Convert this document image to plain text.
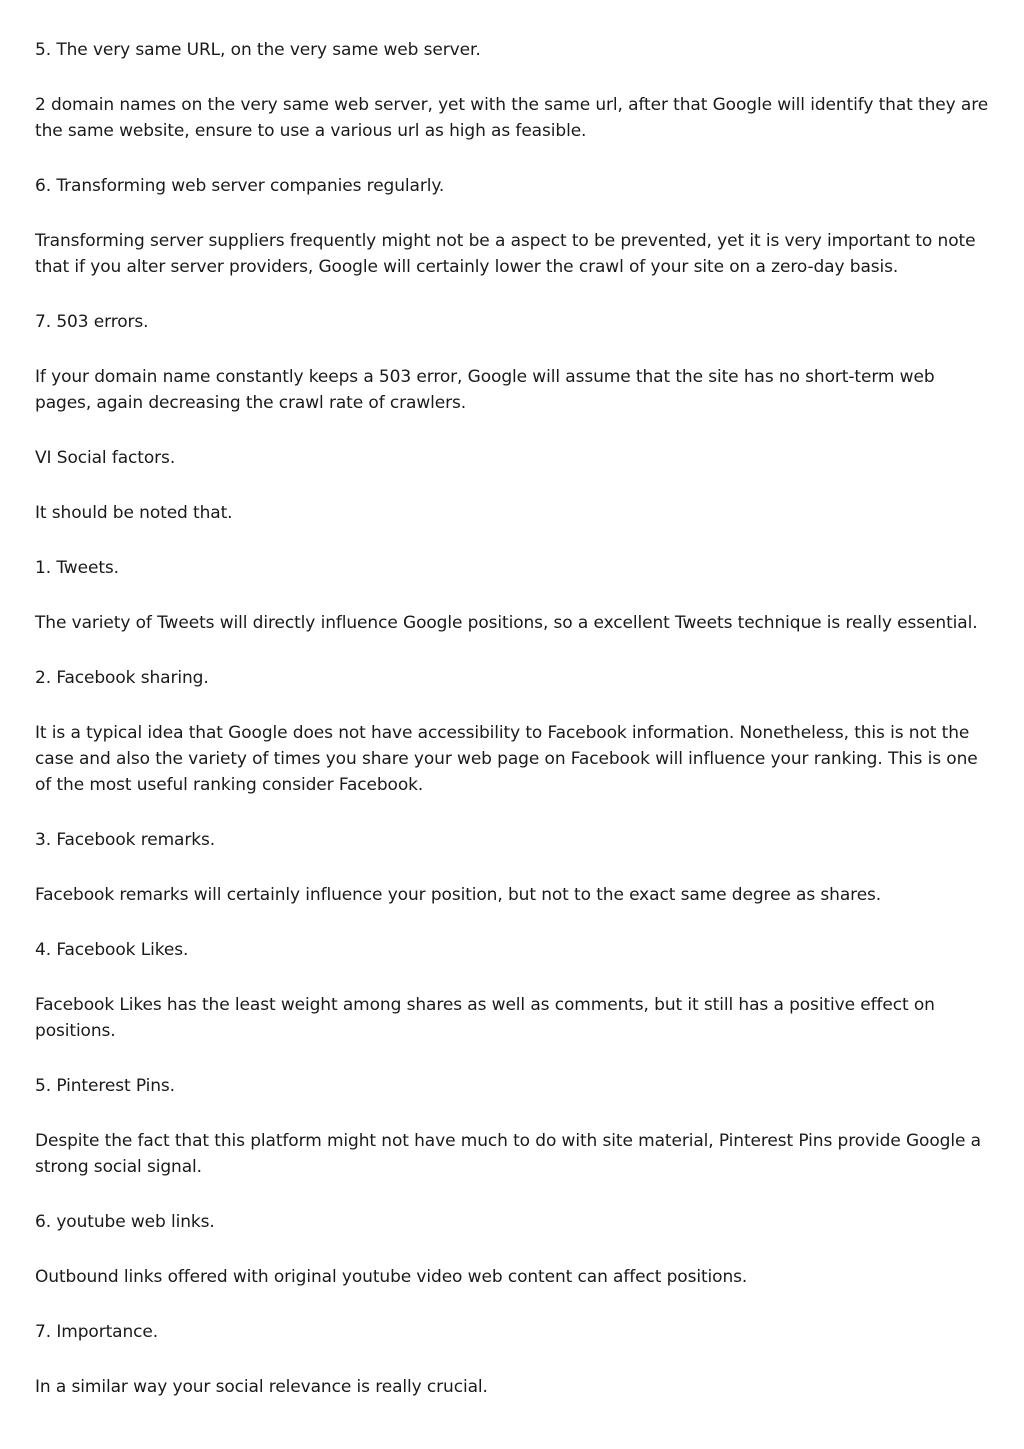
5. The very same URL, on the very same web server.

2 domain names on the very same web server, yet with the same url, after that Google will identify that they are the same website, ensure to use a various url as high as feasible.

6. Transforming web server companies regularly.

Transforming server suppliers frequently might not be a aspect to be prevented, yet it is very important to note that if you alter server providers, Google will certainly lower the crawl of your site on a zero-day basis.

7. 503 errors.

If your domain name constantly keeps a 503 error, Google will assume that the site has no short-term web pages, again decreasing the crawl rate of crawlers.

VI Social factors.

It should be noted that.

1. Tweets.

The variety of Tweets will directly influence Google positions, so a excellent Tweets technique is really essential.

2. Facebook sharing.

It is a typical idea that Google does not have accessibility to Facebook information. Nonetheless, this is not the case and also the variety of times you share your web page on Facebook will influence your ranking. This is one of the most useful ranking consider Facebook.

3. Facebook remarks.

Facebook remarks will certainly influence your position, but not to the exact same degree as shares.

4. Facebook Likes.

Facebook Likes has the least weight among shares as well as comments, but it still has a positive effect on positions.

5. Pinterest Pins.

Despite the fact that this platform might not have much to do with site material, Pinterest Pins provide Google a strong social signal.

6. youtube web links.

Outbound links offered with original youtube video web content can affect positions.

7. Importance.

In a similar way your social relevance is really crucial.
